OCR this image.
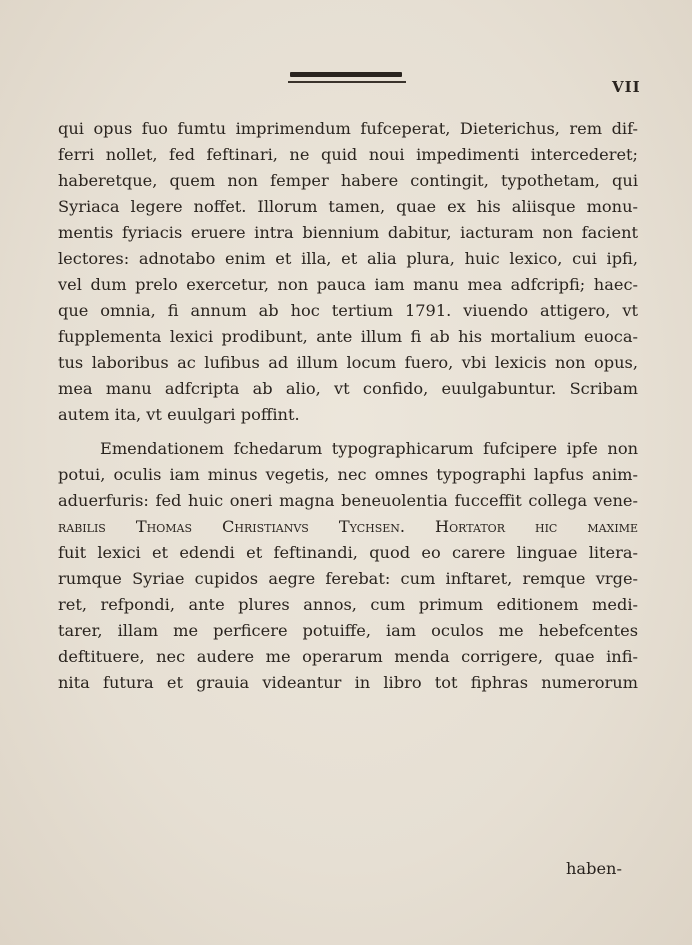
VII
qui opus fuo fumtu imprimendum fufceperat, Dieterichus, rem dif-
ferri nollet, fed feftinari, ne quid noui impedimenti intercederet;
haberetque, quem non femper habere contingit, typothetam, qui
Syriaca legere noffet. Illorum tamen, quae ex his aliisque monu-
mentis fyriacis eruere intra biennium dabitur, iacturam non facient
lectores: adnotabo enim et illa, et alia plura, huic lexico, cui ipfi,
vel dum prelo exercetur, non pauca iam manu mea adfcripfi; haec-
que omnia, fi annum ab hoc tertium 1791. viuendo attigero, vt
fupplementa lexici prodibunt, ante illum fi ab his mortalium euoca-
tus laboribus ac lufibus ad illum locum fuero, vbi lexicis non opus,
mea manu adfcripta ab alio, vt confido, euulgabuntur. Scribam
autem ita, vt euulgari poffint.
Emendationem fchedarum typographicarum fufcipere ipfe non
potui, oculis iam minus vegetis, nec omnes typographi lapfus anim-
aduerfuris: fed huic oneri magna beneuolentia fucceffit collega vene-
rabilis Thomas Christianvs Tychsen. Hortator hic maxime
fuit lexici et edendi et feftinandi, quod eo carere linguae litera-
rumque Syriae cupidos aegre ferebat: cum inftaret, remque vrge-
ret, refpondi, ante plures annos, cum primum editionem medi-
tarer, illam me perficere potuiffe, iam oculos me hebefcentes
deftituere, nec audere me operarum menda corrigere, quae infi-
nita futura et grauia videantur in libro tot fiphras numerorum
haben-
